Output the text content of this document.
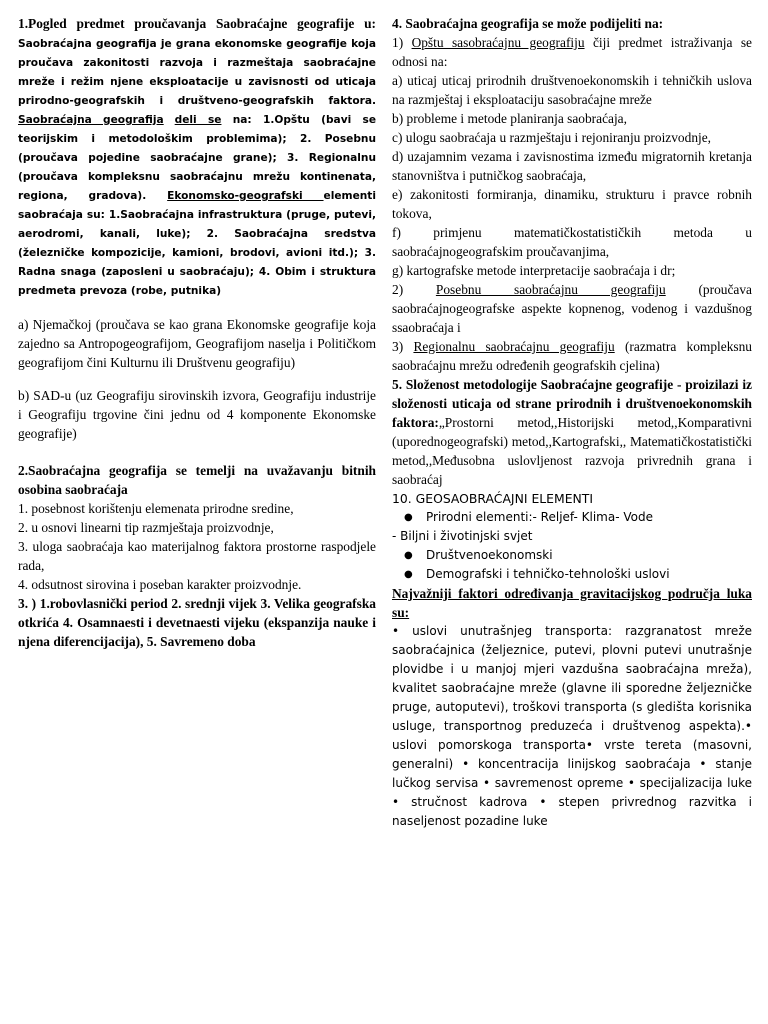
1.Pogled predmet proučavanja Saobraćajne geografije u: Saobraćajna geografija je grana ekonomske geografije koja proučava zakonitosti razvoja i razmeštaja saobraćajne mreže i režim njene eksploatacije u zavisnosti od uticaja prirodno-geografskih i društveno-geografskih faktora. Saobraćajna geografija deli se na: 1.Opštu (bavi se teorijskim i metodološkim problemima); 2. Posebnu (proučava pojedine saobraćajne grane); 3. Regionalnu (proučava kompleksnu saobraćajnu mrežu kontinenata, regiona, gradova). Ekonomsko-geografski elementi saobraćaja su: 1.Saobraćajna infrastruktura (pruge, putevi, aerodromi, kanali, luke); 2. Saobraćajna sredstva (železničke kompozicije, kamioni, brodovi, avioni itd.); 3. Radna snaga (zaposleni u saobraćaju); 4. Obim i struktura predmeta prevoza (robe, putnika)

a) Njemačkoj (proučava se kao grana Ekonomske geografije koja zajedno sa Antropogeografijom, Geografijom naselja i Političkom geografijom čini Kulturnu ili Društvenu geografiju)

b) SAD-u (uz Geografiju sirovinskih izvora, Geografiju industrije i Geografiju trgovine čini jednu od 4 komponente Ekonomske geografije)

2.Saobraćajna geografija se temelji na uvažavanju bitnih osobina saobraćaja

1. posebnost korištenju elemenata prirodne sredine,

2. u osnovi linearni tip razmještaja proizvodnje,

3. uloga saobraćaja kao materijalnog faktora prostorne raspodjele rada,

4. odsutnost sirovina i poseban karakter proizvodnje.

3. ) 1.robovlasnički period 2. srednji vijek 3. Velika geografska otkrića 4. Osamnaesti i devetnaesti vijeku (ekspanzija nauke i njena diferencijacija), 5. Savremeno doba

4. Saobraćajna geografija se može podijeliti na:

1) Opštu sasobraćajnu geografiju čiji predmet istraživanja se odnosi na:

a) uticaj uticaj prirodnih društvenoekonomskih i tehničkih uslova na razmještaj i eksploataciju sasobraćajne mreže

b) probleme i metode planiranja saobraćaja,

c) ulogu saobraćaja u razmještaju i rejoniranju proizvodnje,

d) uzajamnim vezama i zavisnostima između migratornih kretanja stanovništva i putničkog saobraćaja,

e) zakonitosti formiranja, dinamiku, strukturu i pravce robnih tokova,

f) primjenu matematičkostatističkih metoda u saobraćajnogeografskim proučavanjima,

g) kartografske metode interpretacije saobraćaja i dr;

2) Posebnu saobraćajnu geografiju (proučava saobraćajnogeografske aspekte kopnenog, vodenog i vazdušnog ssaobraćaja i

3) Regionalnu saobraćajnu geografiju (razmatra kompleksnu saobraćajnu mrežu određenih geografskih cjelina)

5. Složenost metodologije Saobraćajne geografije - proizilazi iz složenosti uticaja od strane prirodnih i društvenoekonomskih faktora:„Prostorni metod,,Historijski metod,,Komparativni (uporednogeografski) metod,,Kartografski,, Matematičkostatistički metod,,Međusobna uslovljenost razvoja privrednih grana i saobraćaj

10. GEOSAOBRAĆAJNI ELEMENTI

● Prirodni elementi:- Reljef- Klima- Vode

- Biljni i životinjski svjet

● Društvenoekonomski
● Demografski i tehničko-tehnološki uslovi

Najvažniji faktori određivanja gravitacijskog područja luka su:

• uslovi unutrašnjeg transporta: razgranatost mreže saobraćajnica (željeznice, putevi, plovni putevi unutrašnje plovidbe i u manjoj mjeri vazdušna saobraćajna mreža), kvalitet saobraćajne mreže (glavne ili sporedne željezničke pruge, autoputevi), troškovi transporta (s gledišta korisnika usluge, transportnog preduzeća i društvenog aspekta).• uslovi pomorskoga transporta• vrste tereta (masovni, generalni) • koncentracija linijskog saobraćaja • stanje lučkog servisa • savremenost opreme • specijalizacija luke • stručnost kadrova • stepen privrednog razvitka i naseljenost pozadine luke
